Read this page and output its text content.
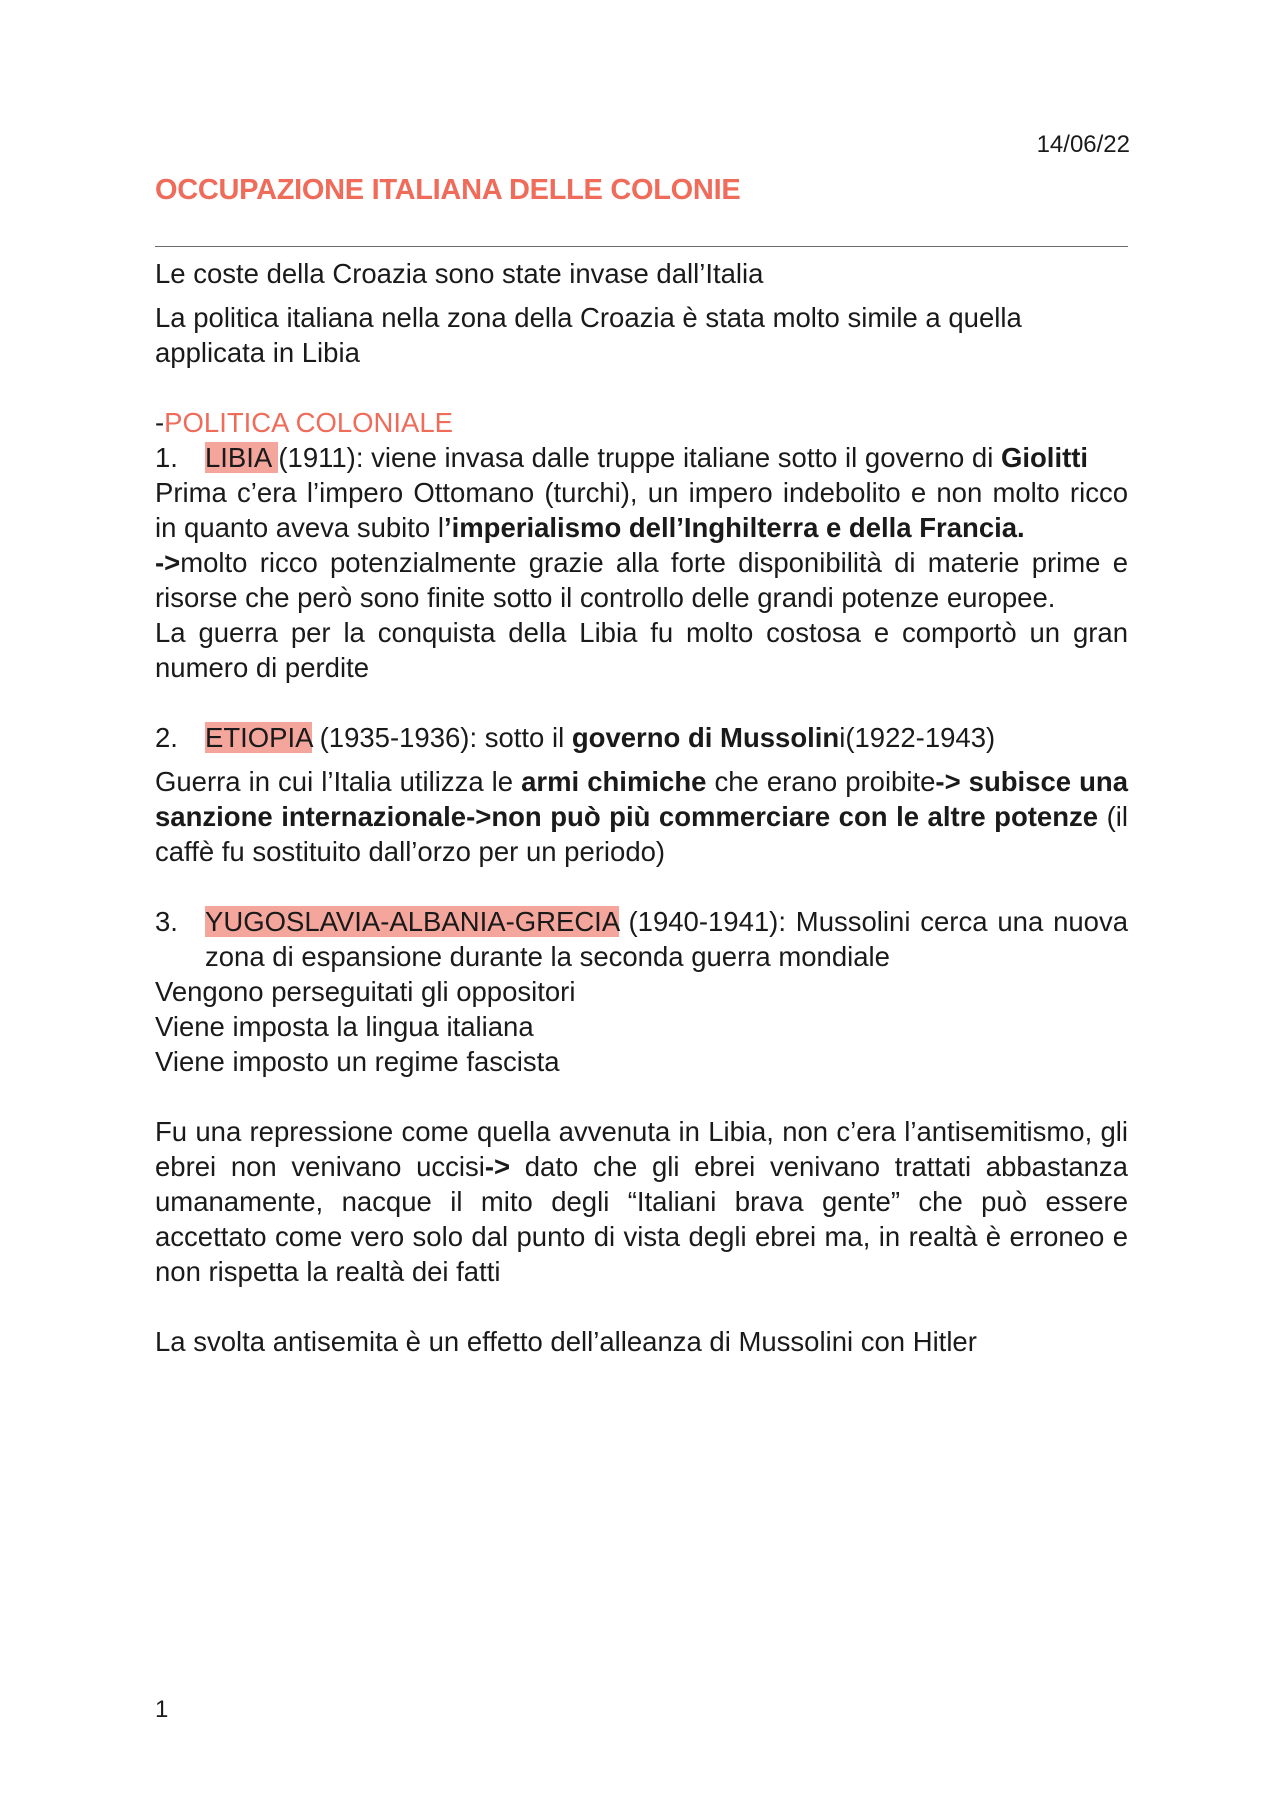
14/06/22
OCCUPAZIONE ITALIANA DELLE COLONIE

Le coste della Croazia sono state invase dall’Italia

La politica italiana nella zona della Croazia è stata molto simile a quella applicata in Libia

-POLITICA COLONIALE

1. LIBIA (1911): viene invasa dalle truppe italiane sotto il governo di Giolitti

Prima c’era l’impero Ottomano (turchi), un impero indebolito e non molto ricco in quanto aveva subito l’imperialismo dell’Inghilterra e della Francia.

->molto ricco potenzialmente grazie alla forte disponibilità di materie prime e risorse che però sono finite sotto il controllo delle grandi potenze europee.

La guerra per la conquista della Libia fu molto costosa e comportò un gran numero di perdite

2. ETIOPIA (1935-1936): sotto il governo di Mussolini(1922-1943)

Guerra in cui l’Italia utilizza le armi chimiche che erano proibite-> subisce una sanzione internazionale->non può più commerciare con le altre potenze (il caffè fu sostituito dall’orzo per un periodo)

3. YUGOSLAVIA-ALBANIA-GRECIA (1940-1941): Mussolini cerca una nuova zona di espansione durante la seconda guerra mondiale

Vengono perseguitati gli oppositori

Viene imposta la lingua italiana

Viene imposto un regime fascista

Fu una repressione come quella avvenuta in Libia, non c’era l’antisemitismo, gli ebrei non venivano uccisi-> dato che gli ebrei venivano trattati abbastanza umanamente, nacque il mito degli “Italiani brava gente” che può essere accettato come vero solo dal punto di vista degli ebrei ma, in realtà è erroneo e non rispetta la realtà dei fatti

La svolta antisemita è un effetto dell’alleanza di Mussolini con Hitler

1
